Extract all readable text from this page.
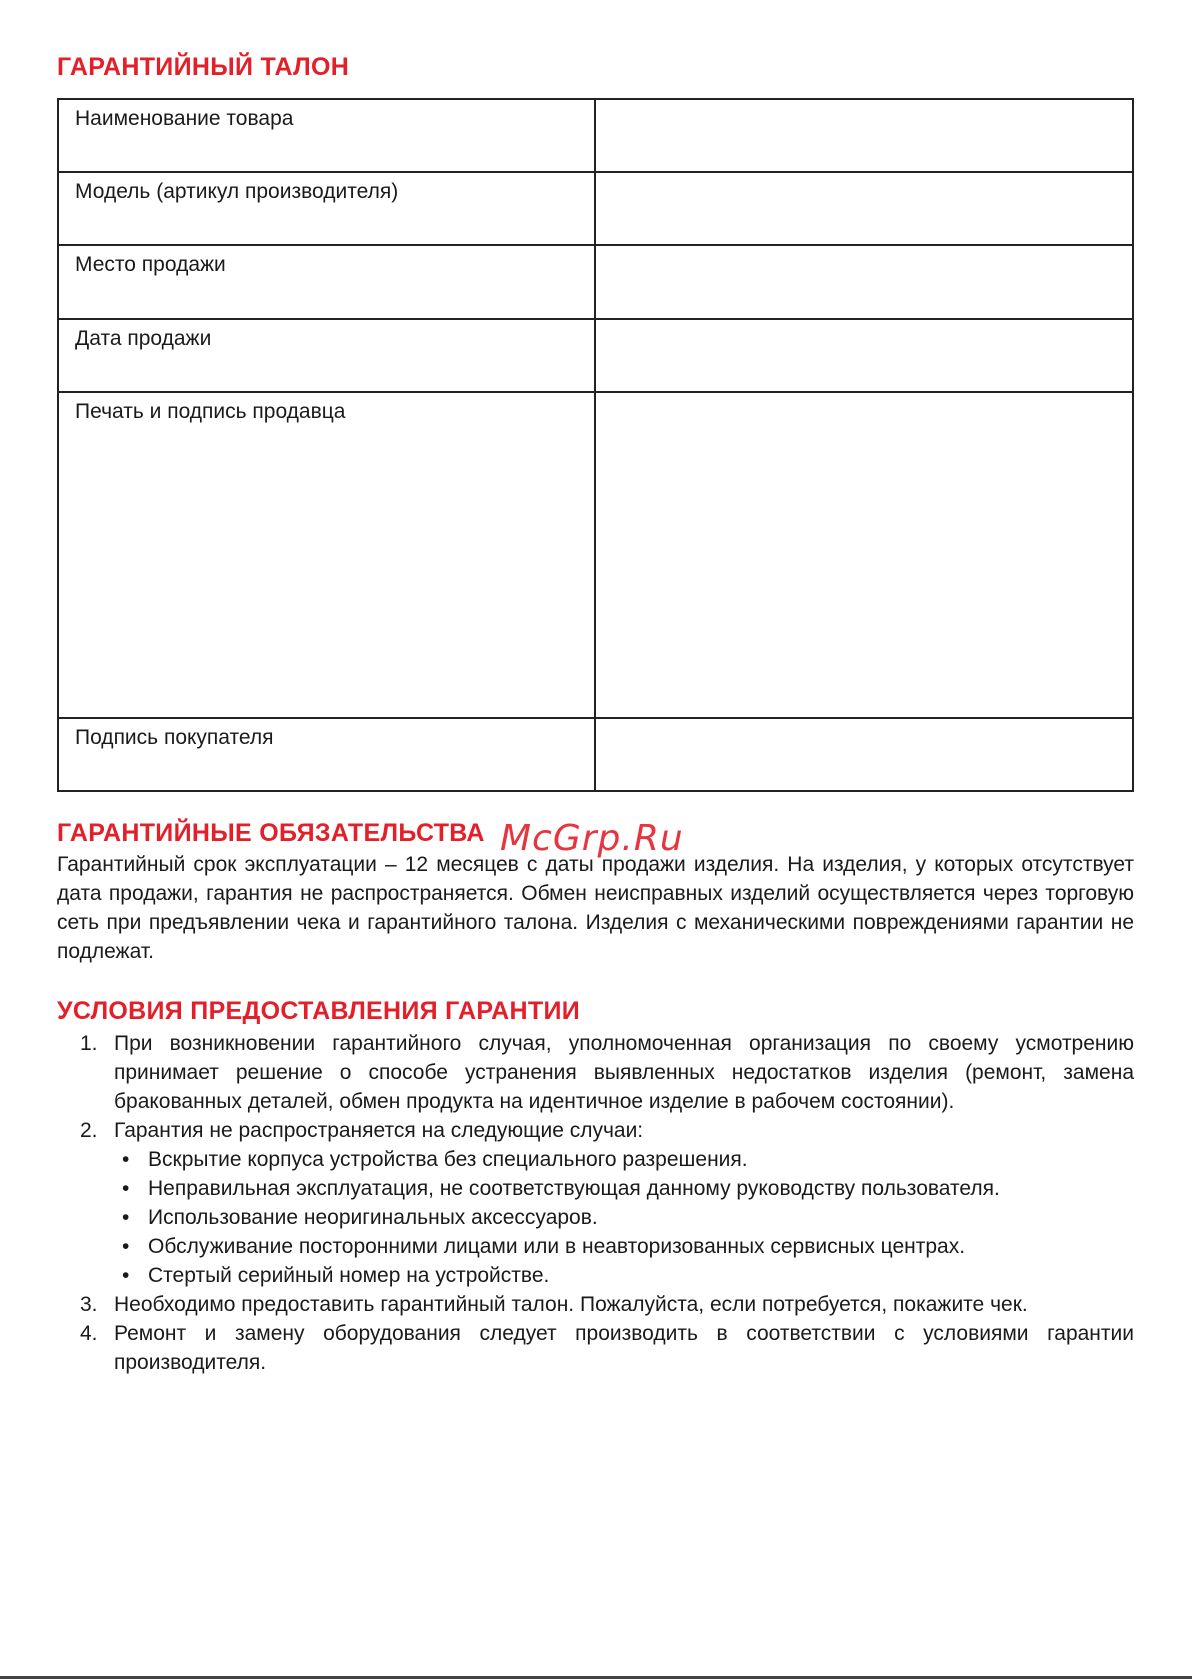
ГАРАНТИЙНЫЙ ТАЛОН
Наименование товара	
Модель (артикул производителя)	
Место продажи	
Дата продажи	
Печать и подпись продавца	
Подпись покупателя	
ГАРАНТИЙНЫЕ ОБЯЗАТЕЛЬСТВА McGrp.Ru

Гарантийный срок эксплуатации – 12 месяцев с даты продажи изделия. На изделия, у которых отсутствует дата продажи, гарантия не распространяется. Обмен неисправных изделий осуществляется через торговую сеть при предъявлении чека и гарантийного талона. Изделия с механическими повреждениями гарантии не подлежат.

УСЛОВИЯ ПРЕДОСТАВЛЕНИЯ ГАРАНТИИ
1. При возникновении гарантийного случая, уполномоченная организация по своему усмотрению принимает решение о способе устранения выявленных недостатков изделия (ремонт, замена бракованных деталей, обмен продукта на идентичное изделие в рабочем состоянии).
2. Гарантия не распространяется на следующие случаи:
• Вскрытие корпуса устройства без специального разрешения.
• Неправильная эксплуатация, не соответствующая данному руководству пользователя.
• Использование неоригинальных аксессуаров.
• Обслуживание посторонними лицами или в неавторизованных сервисных центрах.
• Стертый серийный номер на устройстве.
3. Необходимо предоставить гарантийный талон. Пожалуйста, если потребуется, покажите чек.
4. Ремонт и замену оборудования следует производить в соответствии с условиями гарантии производителя.
